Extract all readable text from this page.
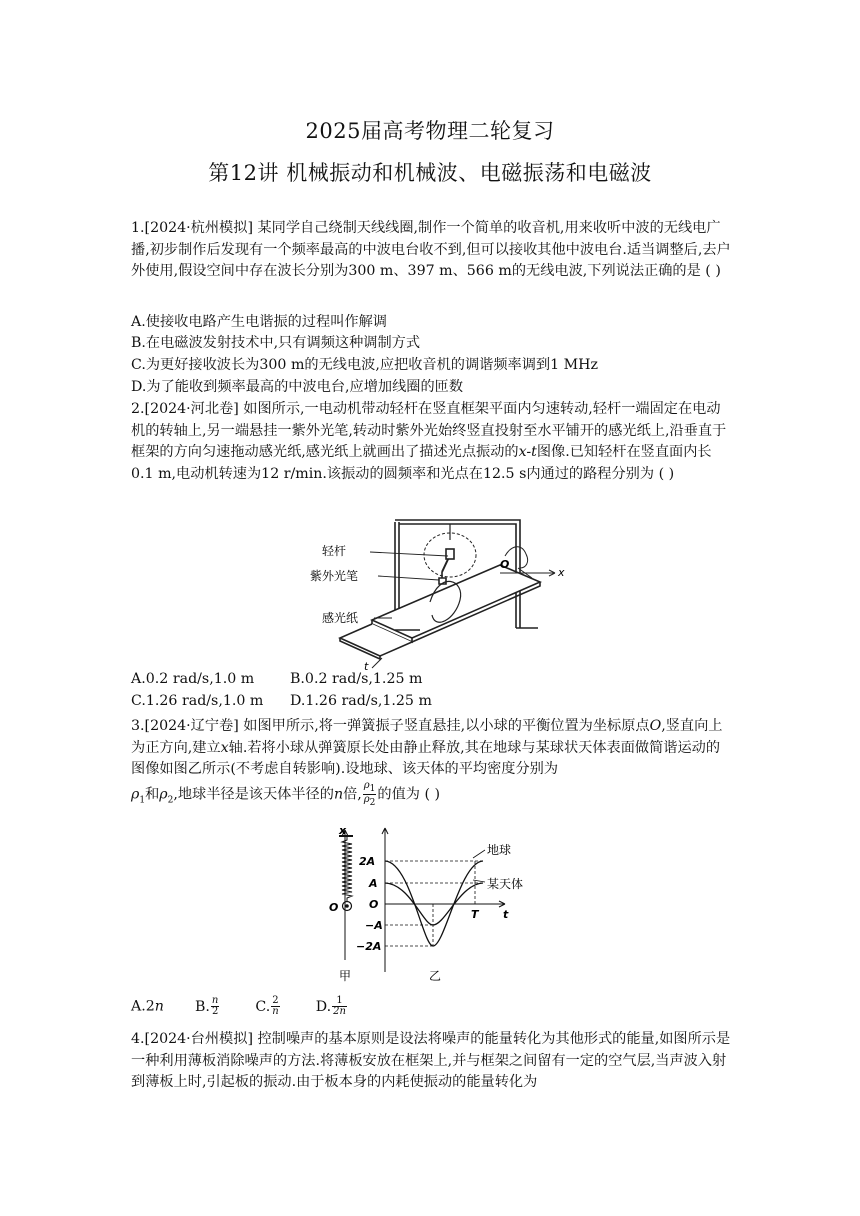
2025届高考物理二轮复习
第12讲 机械振动和机械波、电磁振荡和电磁波
1.[2024·杭州模拟] 某同学自己绕制天线线圈,制作一个简单的收音机,用来收听中波的无线电广播,初步制作后发现有一个频率最高的中波电台收不到,但可以接收其他中波电台.适当调整后,去户外使用,假设空间中存在波长分别为300 m、397 m、566 m的无线电波,下列说法正确的是 ( )
A.使接收电路产生电谐振的过程叫作解调
B.在电磁波发射技术中,只有调频这种调制方式
C.为更好接收波长为300 m的无线电波,应把收音机的调谐频率调到1 MHz
D.为了能收到频率最高的中波电台,应增加线圈的匝数
2.[2024·河北卷] 如图所示,一电动机带动轻杆在竖直框架平面内匀速转动,轻杆一端固定在电动机的转轴上,另一端悬挂一紫外光笔,转动时紫外光始终竖直投射至水平铺开的感光纸上,沿垂直于框架的方向匀速拖动感光纸,感光纸上就画出了描述光点振动的x-t图像.已知轻杆在竖直面内长0.1 m,电动机转速为12 r/min.该振动的圆频率和光点在12.5 s内通过的路程分别为 ( )
轻杆
紫外光笔
感光纸
O
x
t
A.0.2 rad/s,1.0 m	B.0.2 rad/s,1.25 m
C.1.26 rad/s,1.0 m D.1.26 rad/s,1.25 m
3.[2024·辽宁卷] 如图甲所示,将一弹簧振子竖直悬挂,以小球的平衡位置为坐标原点O,竖直向上为正方向,建立x轴.若将小球从弹簧原长处由静止释放,其在地球与某球状天体表面做简谐运动的图像如图乙所示(不考虑自转影响).设地球、该天体的平均密度分别为
$\rho_1$和$\rho_2$,地球半径是该天体半径的n倍, $\frac{\rho_1}{\rho_2}$ 的值为 ( )
x
O
2A
A
O
−A
−2A
T t
地球
某天体
甲	乙
A.2n B. $\frac{n}{2}$	C. $\frac{2}{n}$	D. $\frac{1}{2n}$
4.[2024·台州模拟] 控制噪声的基本原则是设法将噪声的能量转化为其他形式的能量,如图所示是一种利用薄板消除噪声的方法.将薄板安放在框架上,并与框架之间留有一定的空气层,当声波入射到薄板上时,引起板的振动.由于板本身的内耗使振动的能量转化为
